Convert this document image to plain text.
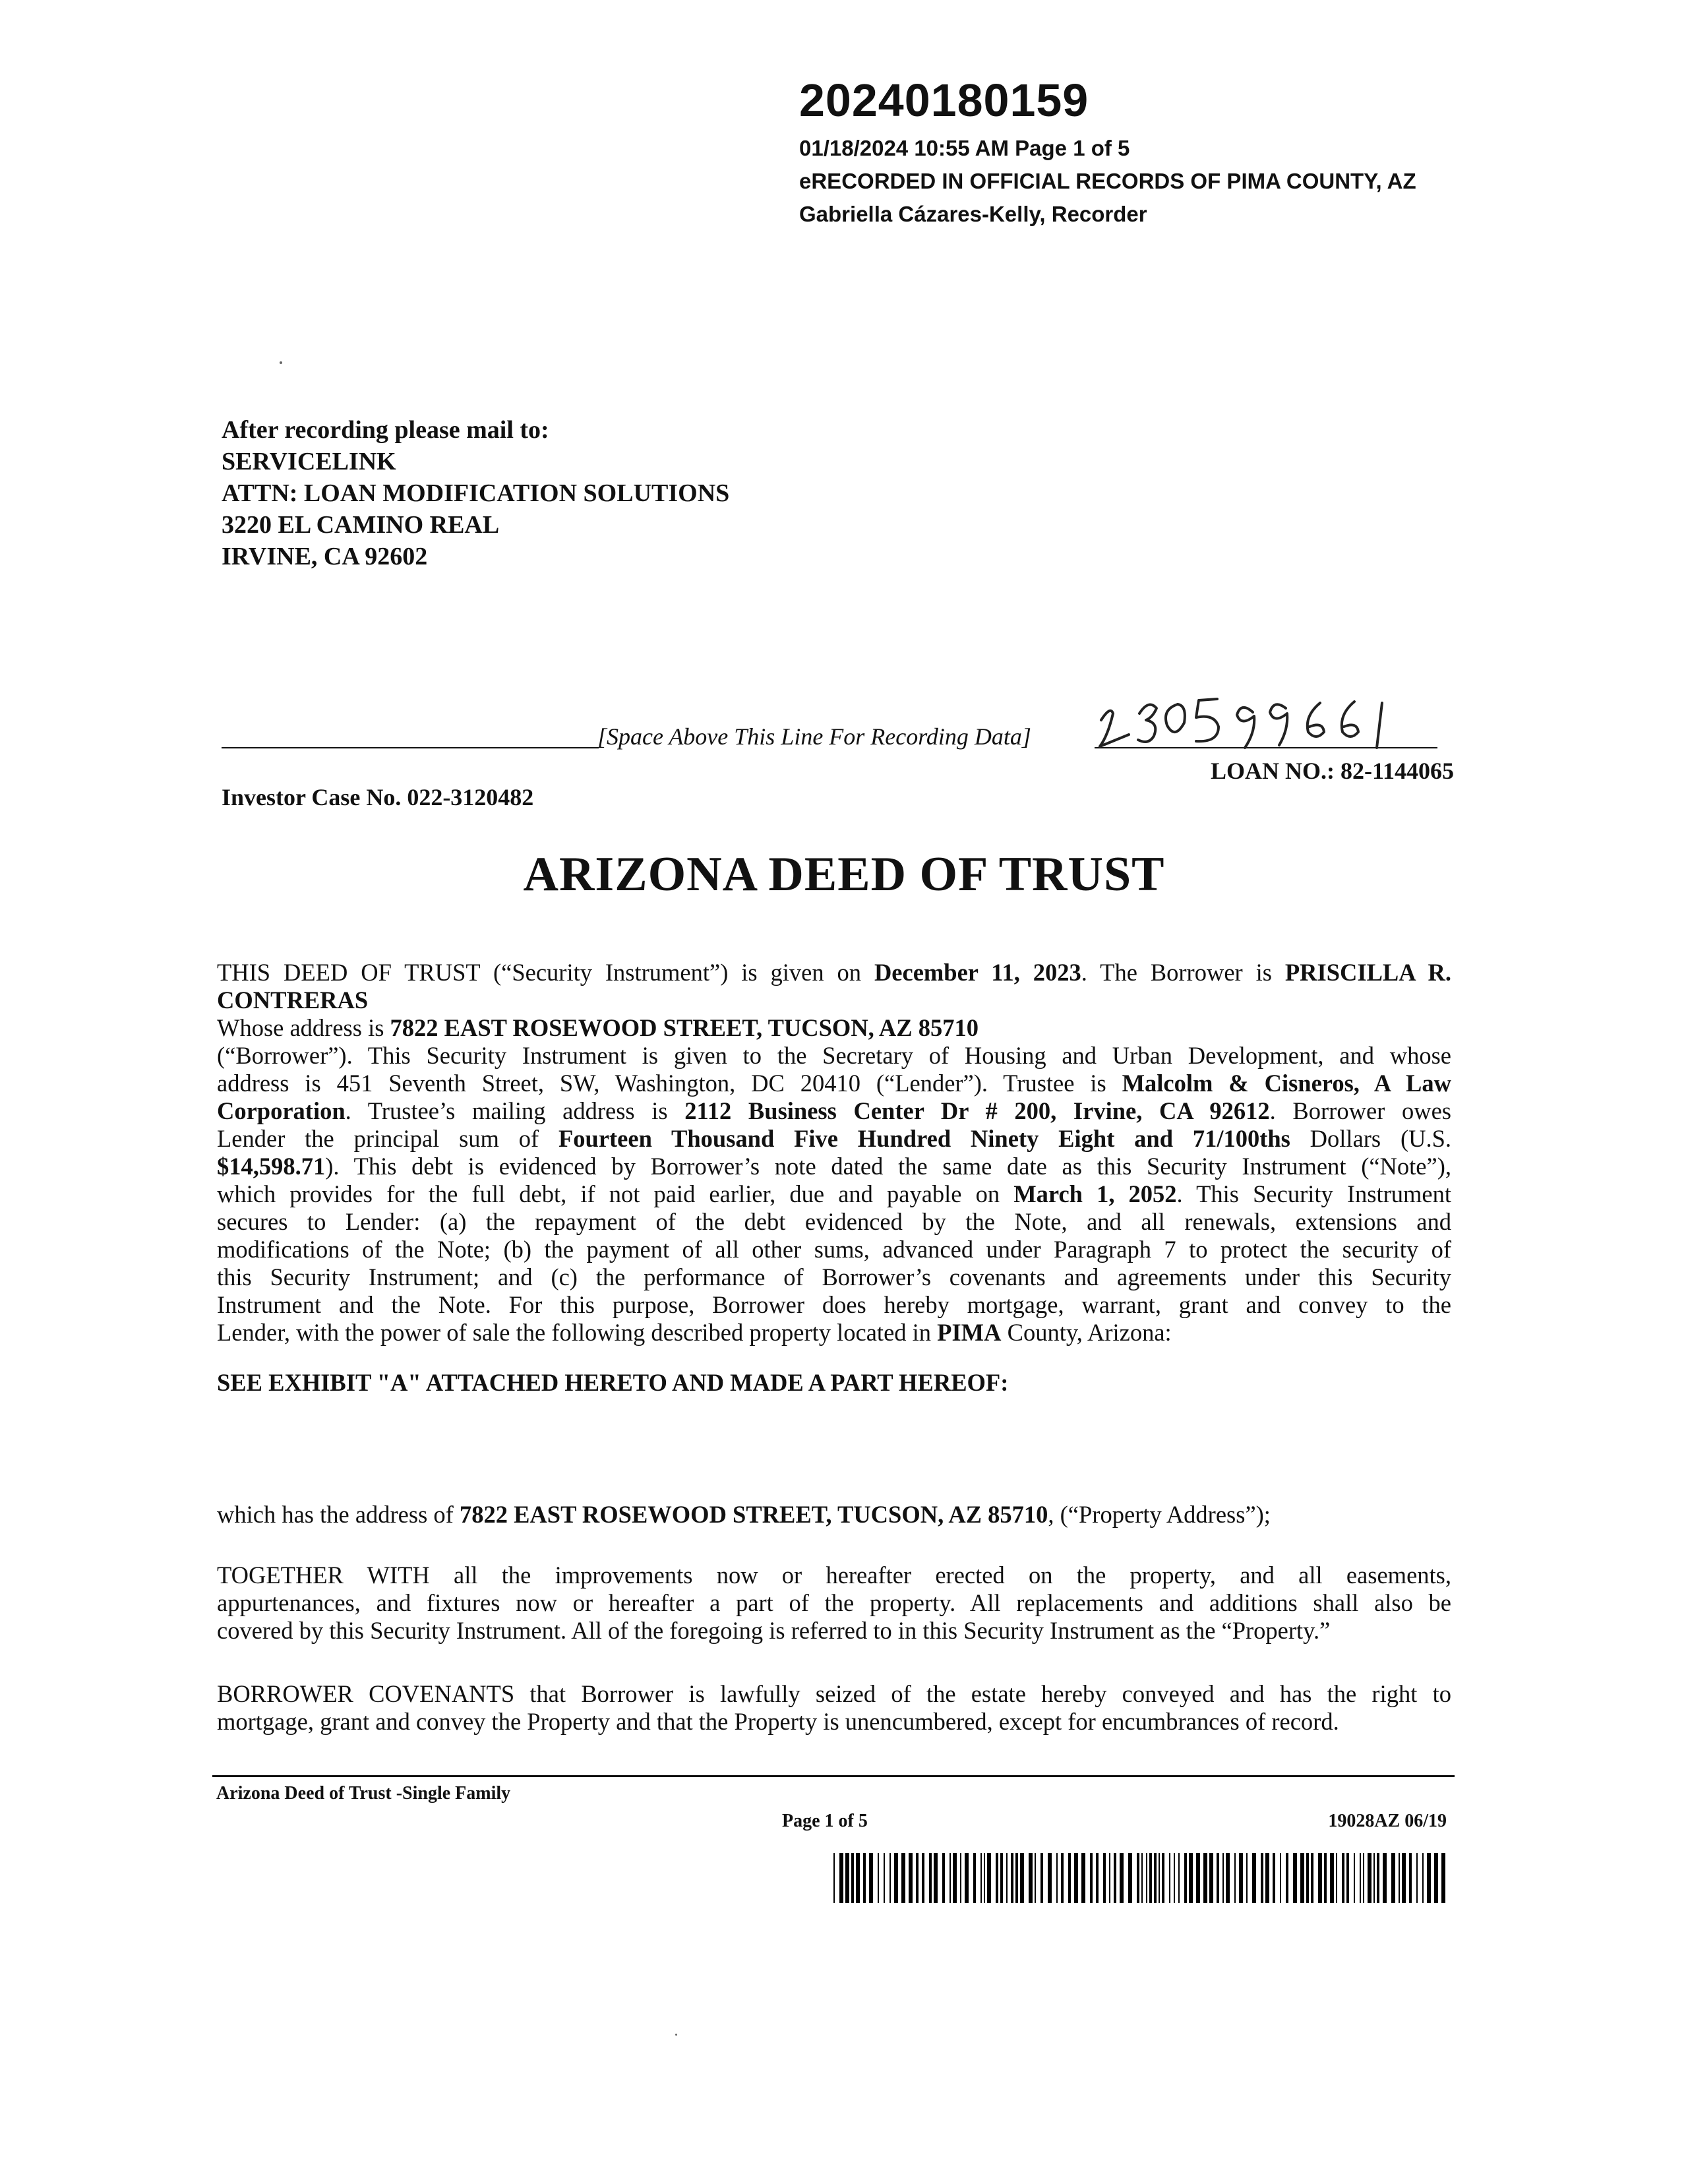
20240180159
01/18/2024 10:55 AM Page 1 of 5
eRECORDED IN OFFICIAL RECORDS OF PIMA COUNTY, AZ
Gabriella Cázares-Kelly, Recorder
After recording please mail to:
SERVICELINK
ATTN: LOAN MODIFICATION SOLUTIONS
3220 EL CAMINO REAL
IRVINE, CA 92602
[Space Above This Line For Recording Data]
LOAN NO.: 82-1144065
Investor Case No. 022-3120482
ARIZONA DEED OF TRUST
THIS DEED OF TRUST (“Security Instrument”) is given on December 11, 2023. The Borrower is PRISCILLA R.
CONTRERAS
Whose address is 7822 EAST ROSEWOOD STREET, TUCSON, AZ 85710
(“Borrower”). This Security Instrument is given to the Secretary of Housing and Urban Development, and whose
address is 451 Seventh Street, SW, Washington, DC 20410 (“Lender”). Trustee is Malcolm & Cisneros, A Law
Corporation. Trustee’s mailing address is 2112 Business Center Dr # 200, Irvine, CA 92612. Borrower owes
Lender the principal sum of Fourteen Thousand Five Hundred Ninety Eight and 71/100ths Dollars (U.S.
$14,598.71). This debt is evidenced by Borrower’s note dated the same date as this Security Instrument (“Note”),
which provides for the full debt, if not paid earlier, due and payable on March 1, 2052. This Security Instrument
secures to Lender: (a) the repayment of the debt evidenced by the Note, and all renewals, extensions and
modifications of the Note; (b) the payment of all other sums, advanced under Paragraph 7 to protect the security of
this Security Instrument; and (c) the performance of Borrower’s covenants and agreements under this Security
Instrument and the Note. For this purpose, Borrower does hereby mortgage, warrant, grant and convey to the
Lender, with the power of sale the following described property located in PIMA County, Arizona:
SEE EXHIBIT "A" ATTACHED HERETO AND MADE A PART HEREOF:
which has the address of 7822 EAST ROSEWOOD STREET, TUCSON, AZ 85710, (“Property Address”);
TOGETHER WITH all the improvements now or hereafter erected on the property, and all easements,
appurtenances, and fixtures now or hereafter a part of the property. All replacements and additions shall also be
covered by this Security Instrument. All of the foregoing is referred to in this Security Instrument as the “Property.”
BORROWER COVENANTS that Borrower is lawfully seized of the estate hereby conveyed and has the right to
mortgage, grant and convey the Property and that the Property is unencumbered, except for encumbrances of record.
Arizona Deed of Trust -Single Family
Page 1 of 5	19028AZ 06/19
